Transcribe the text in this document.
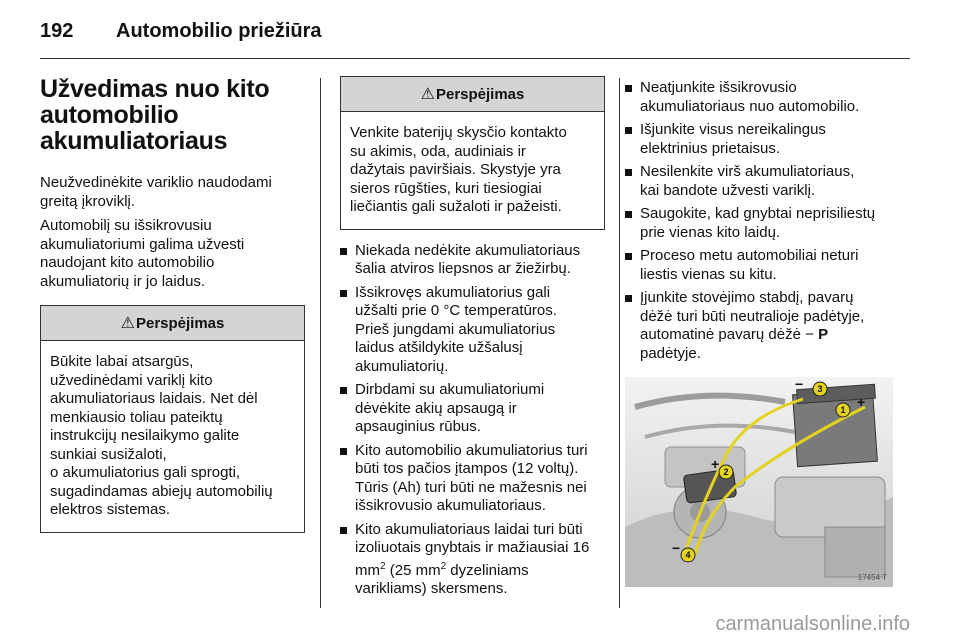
192 Automobilio priežiūra
Užvedimas nuo kito automobilio akumuliatoriaus

Neužvedinėkite variklio naudodami greitą įkroviklį.

Automobilį su išsikrovusiu akumuliatoriumi galima užvesti naudojant kito automobilio akumuliatorių ir jo laidus.

⚠ Perspėjimas
Būkite labai atsargūs,
užvedinėdami variklį kito
akumuliatoriaus laidais. Net dėl
menkiausio toliau pateiktų
instrukcijų nesilaikymo galite
sunkiai susižaloti,
o akumuliatorius gali sprogti,
sugadindamas abiejų automobilių
elektros sistemas.
⚠ Perspėjimas
Venkite baterijų skysčio kontakto
su akimis, oda, audiniais ir
dažytais paviršiais. Skystyje yra
sieros rūgšties, kuri tiesiogiai
liečiantis gali sužaloti ir pažeisti.
Niekada nedėkite akumuliatoriaus
šalia atviros liepsnos ar žiežirbų.
Išsikrovęs akumuliatorius gali
užšalti prie 0 °C temperatūros.
Prieš jungdami akumuliatorius
laidus atšildykite užšalusį
akumuliatorių.
Dirbdami su akumuliatoriumi
dėvėkite akių apsaugą ir
apsauginius rūbus.
Kito automobilio akumuliatorius turi
būti tos pačios įtampos (12 voltų).
Tūris (Ah) turi būti ne mažesnis nei
išsikrovusio akumuliatoriaus.
Kito akumuliatoriaus laidai turi būti
izoliuotais gnybtais ir mažiausiai 16
$mm^2$ (25 $mm^2$ dyzeliniams
varikliams) skersmens.
Neatjunkite išsikrovusio
akumuliatoriaus nuo automobilio.
Išjunkite visus nereikalingus
elektrinius prietaisus.
Nesilenkite virš akumuliatoriaus,
kai bandote užvesti variklį.
Saugokite, kad gnybtai neprisiliestų
prie vienas kito laidų.
Proceso metu automobiliai neturi
liestis vienas su kitu.
Įjunkite stovėjimo stabdį, pavarų
dėžė turi būti neutralioje padėtyje,
automatinė pavarų dėžė − P
padėtyje.
1
2
3
4
+
+
−
−
17454 T
carmanualsonline.info
